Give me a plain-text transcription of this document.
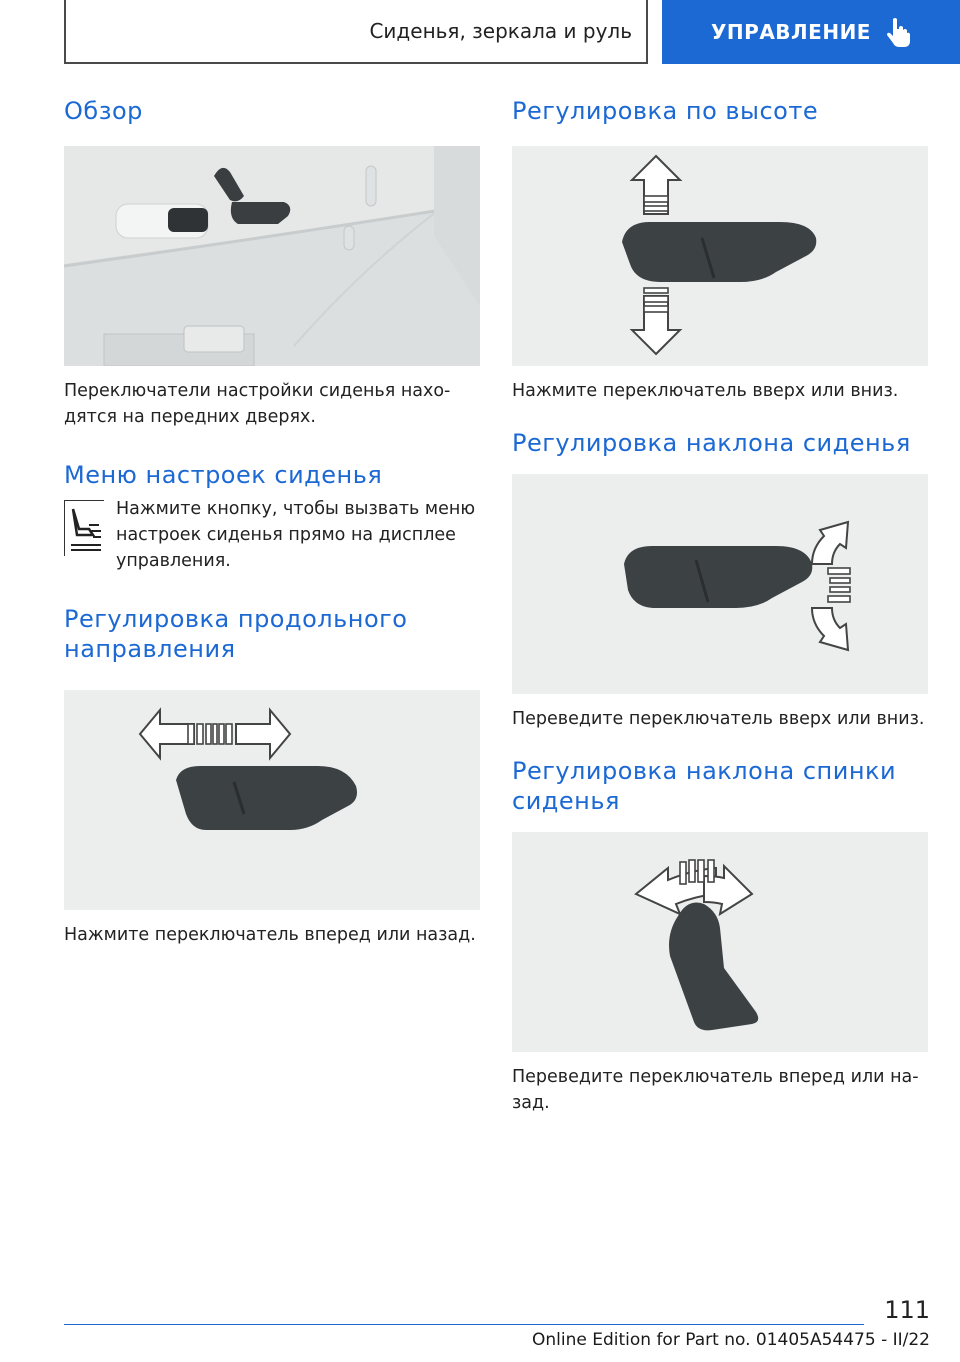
Сиденья, зеркала и руль	УПРАВЛЕНИЕ
Обзор

Переключатели настройки сиденья нахо-дятся на передних дверях.

Меню настроек сиденья

Нажмите кнопку, чтобы вызвать меню настроек сиденья прямо на дисплее управления.

Регулировка продольного направления

Нажмите переключатель вперед или назад.

Регулировка по высоте

Нажмите переключатель вверх или вниз.

Регулировка наклона сиденья

Переведите переключатель вверх или вниз.

Регулировка наклона спинки сиденья

Переведите переключатель вперед или на-зад.

111
Online Edition for Part no. 01405A54475 - II/22
